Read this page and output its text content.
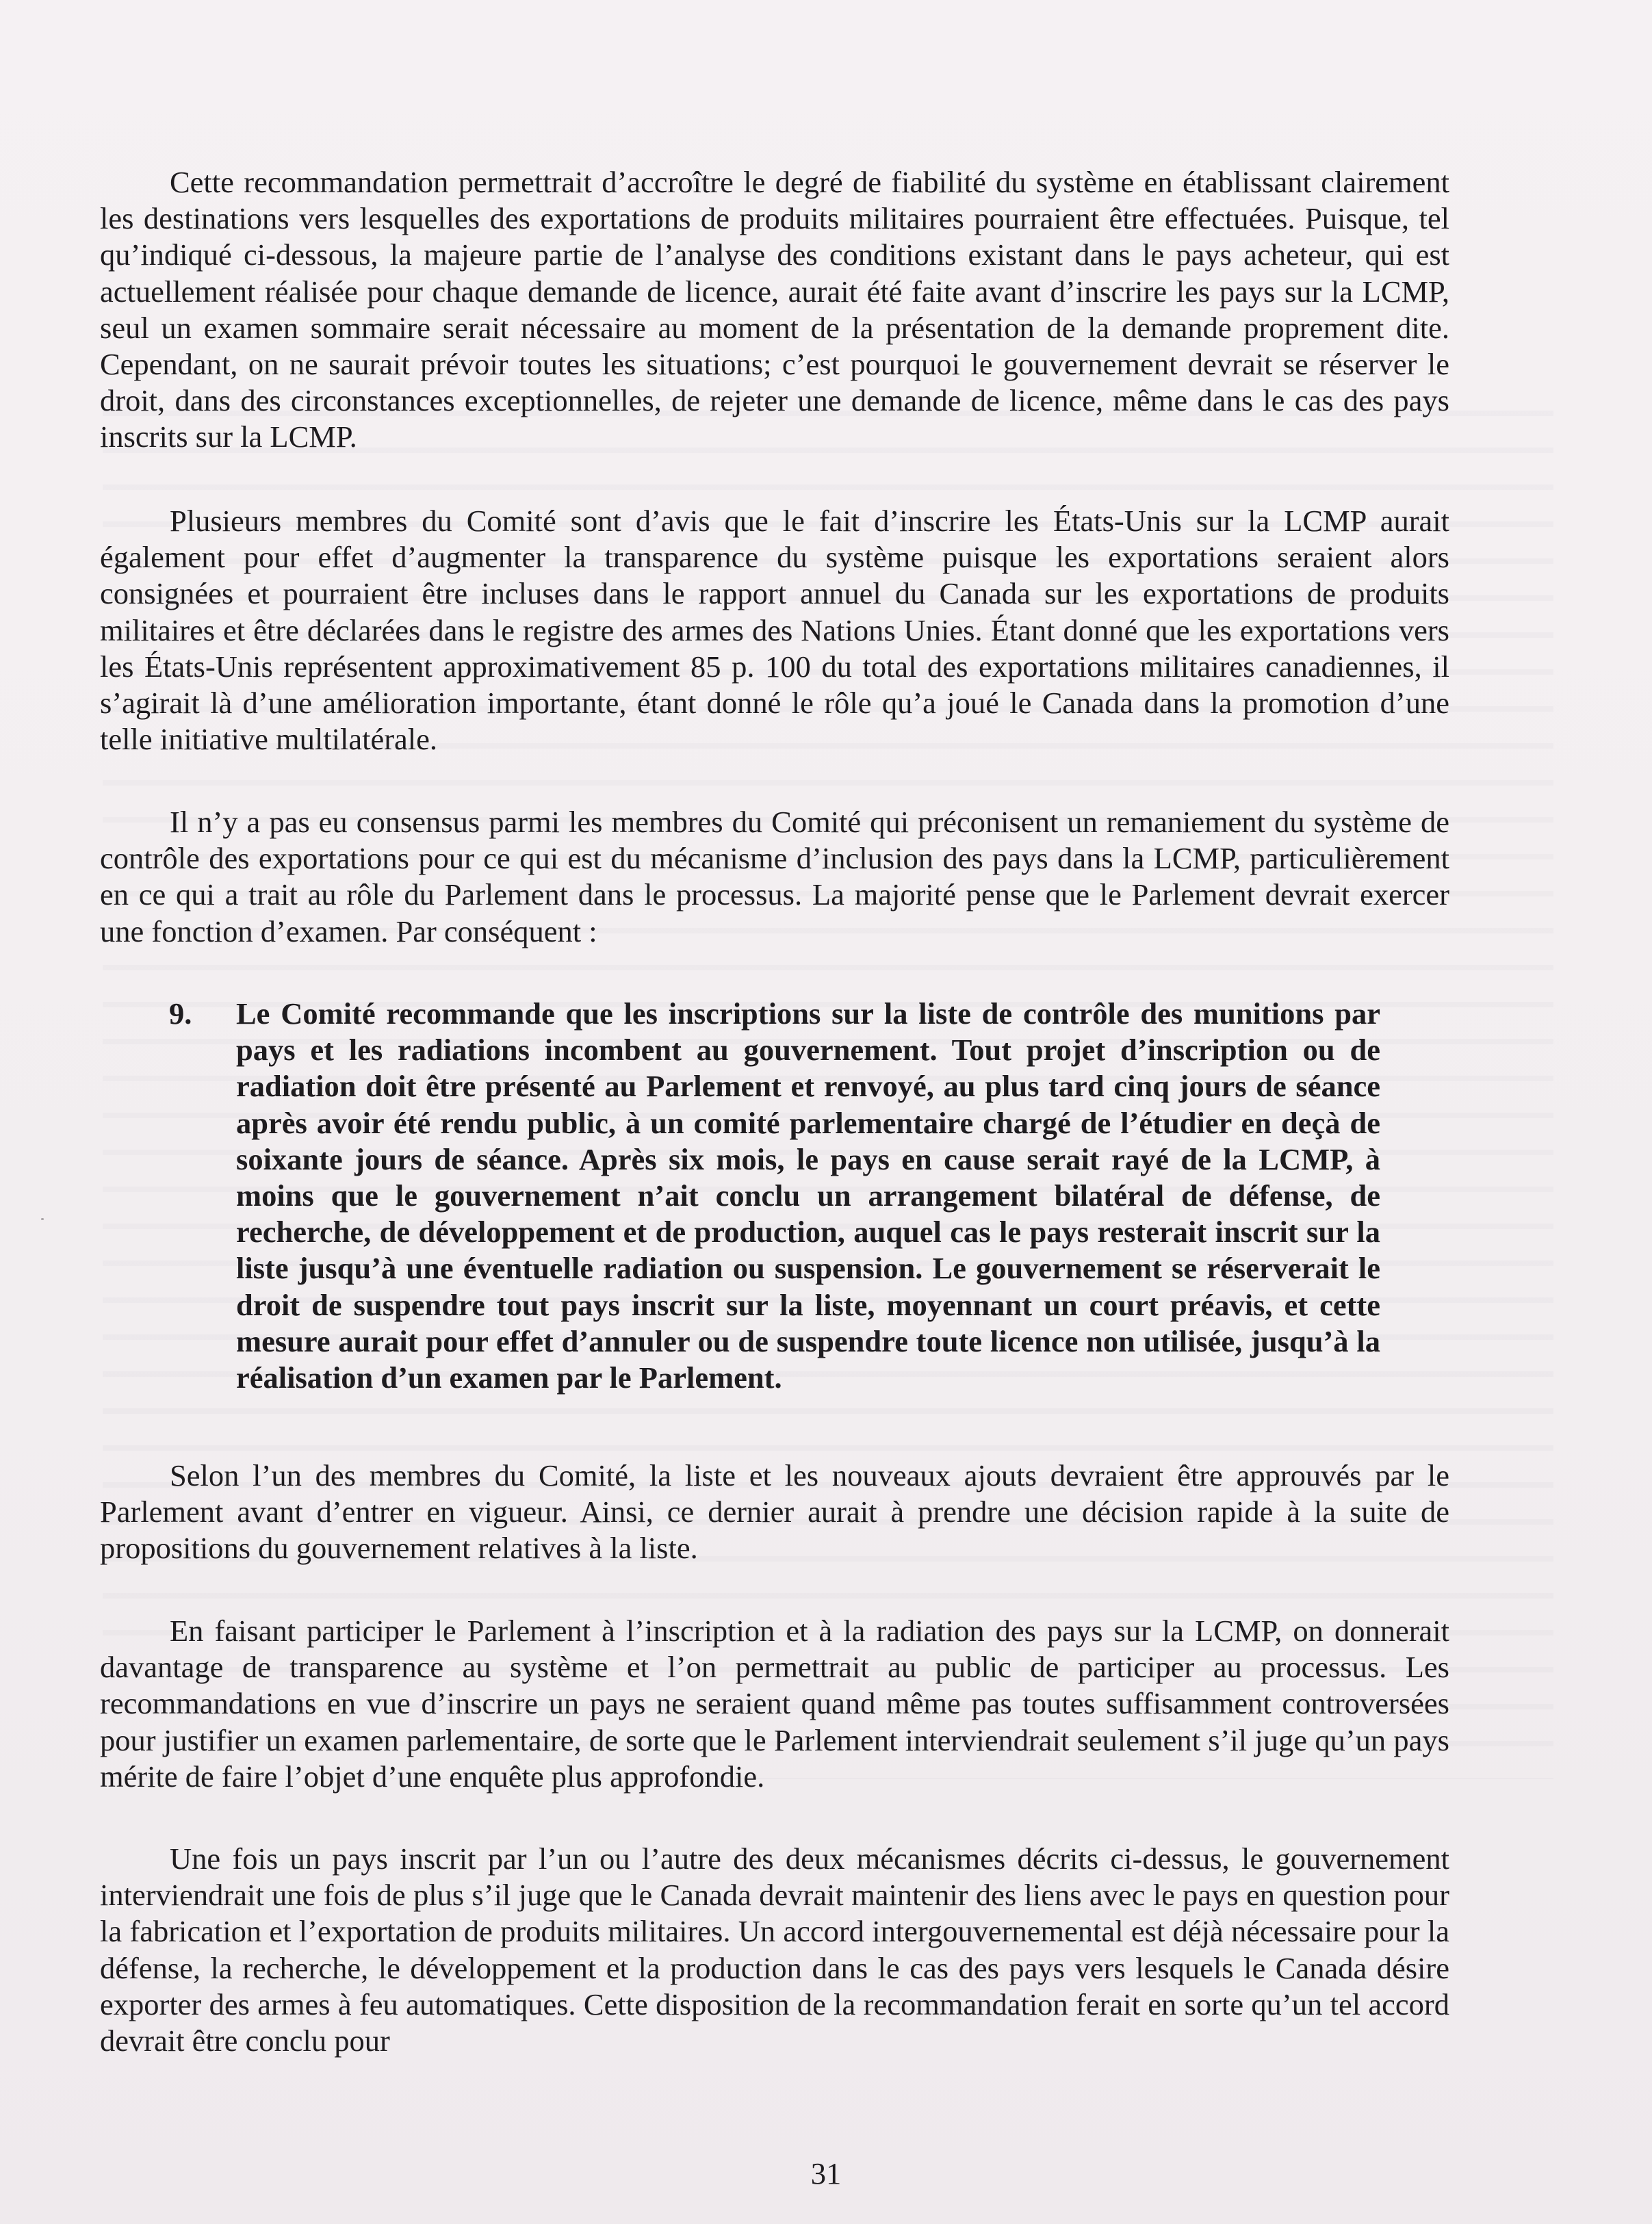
Cette recommandation permettrait d’accroître le degré de fiabilité du système en établissant clairement les destinations vers lesquelles des exportations de produits militaires pourraient être effectuées. Puisque, tel qu’indiqué ci-dessous, la majeure partie de l’analyse des conditions existant dans le pays acheteur, qui est actuellement réalisée pour chaque demande de licence, aurait été faite avant d’inscrire les pays sur la LCMP, seul un examen sommaire serait nécessaire au moment de la présentation de la demande proprement dite. Cependant, on ne saurait prévoir toutes les situations; c’est pourquoi le gouvernement devrait se réserver le droit, dans des circonstances exceptionnelles, de rejeter une demande de licence, même dans le cas des pays inscrits sur la LCMP.

Plusieurs membres du Comité sont d’avis que le fait d’inscrire les États-Unis sur la LCMP aurait également pour effet d’augmenter la transparence du système puisque les exportations seraient alors consignées et pourraient être incluses dans le rapport annuel du Canada sur les exportations de produits militaires et être déclarées dans le registre des armes des Nations Unies. Étant donné que les exportations vers les États-Unis représentent approximativement 85 p. 100 du total des exportations militaires canadiennes, il s’agirait là d’une amélioration importante, étant donné le rôle qu’a joué le Canada dans la promotion d’une telle initiative multilatérale.

Il n’y a pas eu consensus parmi les membres du Comité qui préconisent un remaniement du système de contrôle des exportations pour ce qui est du mécanisme d’inclusion des pays dans la LCMP, particulièrement en ce qui a trait au rôle du Parlement dans le processus. La majorité pense que le Parlement devrait exercer une fonction d’examen. Par conséquent :

9. Le Comité recommande que les inscriptions sur la liste de contrôle des munitions par pays et les radiations incombent au gouvernement. Tout projet d’inscription ou de radiation doit être présenté au Parlement et renvoyé, au plus tard cinq jours de séance après avoir été rendu public, à un comité parlementaire chargé de l’étudier en deçà de soixante jours de séance. Après six mois, le pays en cause serait rayé de la LCMP, à moins que le gouvernement n’ait conclu un arrangement bilatéral de défense, de recherche, de développement et de production, auquel cas le pays resterait inscrit sur la liste jusqu’à une éventuelle radiation ou suspension. Le gouvernement se réserverait le droit de suspendre tout pays inscrit sur la liste, moyennant un court préavis, et cette mesure aurait pour effet d’annuler ou de suspendre toute licence non utilisée, jusqu’à la réalisation d’un examen par le Parlement.

Selon l’un des membres du Comité, la liste et les nouveaux ajouts devraient être approuvés par le Parlement avant d’entrer en vigueur. Ainsi, ce dernier aurait à prendre une décision rapide à la suite de propositions du gouvernement relatives à la liste.

En faisant participer le Parlement à l’inscription et à la radiation des pays sur la LCMP, on donnerait davantage de transparence au système et l’on permettrait au public de participer au processus. Les recommandations en vue d’inscrire un pays ne seraient quand même pas toutes suffisamment controversées pour justifier un examen parlementaire, de sorte que le Parlement interviendrait seulement s’il juge qu’un pays mérite de faire l’objet d’une enquête plus approfondie.

Une fois un pays inscrit par l’un ou l’autre des deux mécanismes décrits ci-dessus, le gouvernement interviendrait une fois de plus s’il juge que le Canada devrait maintenir des liens avec le pays en question pour la fabrication et l’exportation de produits militaires. Un accord intergouvernemental est déjà nécessaire pour la défense, la recherche, le développement et la production dans le cas des pays vers lesquels le Canada désire exporter des armes à feu automatiques. Cette disposition de la recommandation ferait en sorte qu’un tel accord devrait être conclu pour

31
